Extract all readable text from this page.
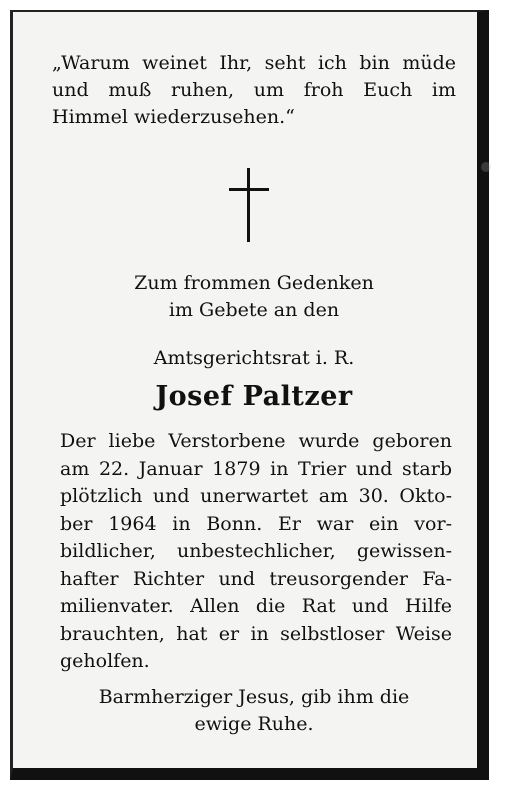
„Warum weinet Ihr, seht ich bin müde
und muß ruhen, um froh Euch im
Himmel wiederzusehen.“
Zum frommen Gedenken
im Gebete an den
Amtsgerichtsrat i. R.
Josef Paltzer
Der liebe Verstorbene wurde geboren
am 22. Januar 1879 in Trier und starb
plötzlich und unerwartet am 30. Okto-
ber 1964 in Bonn. Er war ein vor-
bildlicher, unbestechlicher, gewissen-
hafter Richter und treusorgender Fa-
milienvater. Allen die Rat und Hilfe
brauchten, hat er in selbstloser Weise
geholfen.
Barmherziger Jesus, gib ihm die
ewige Ruhe.
